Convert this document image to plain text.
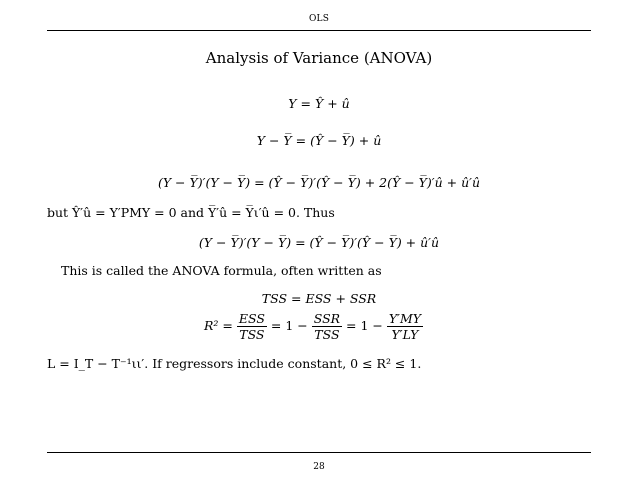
OLS
Analysis of Variance (ANOVA)
Y = Ŷ + û
Y − Y̅ = (Ŷ − Y̅) + û
(Y − Y̅)′(Y − Y̅) = (Ŷ − Y̅)′(Ŷ − Y̅) + 2(Ŷ − Y̅)′û + û′û
but Ŷ′û = Y′PMY = 0 and Y̅′û = Y̅ι′û = 0. Thus
(Y − Y̅)′(Y − Y̅) = (Ŷ − Y̅)′(Ŷ − Y̅) + û′û
This is called the ANOVA formula, often written as
TSS = ESS + SSR
$R^2 = \frac{\text{ESS}}{\text{TSS}} = 1 - \frac{\text{SSR}}{\text{TSS}} = 1 - \frac{Y'MY}{Y'LY}$
L = I_T − T⁻¹ιι′. If regressors include constant, 0 ≤ R² ≤ 1.
28
